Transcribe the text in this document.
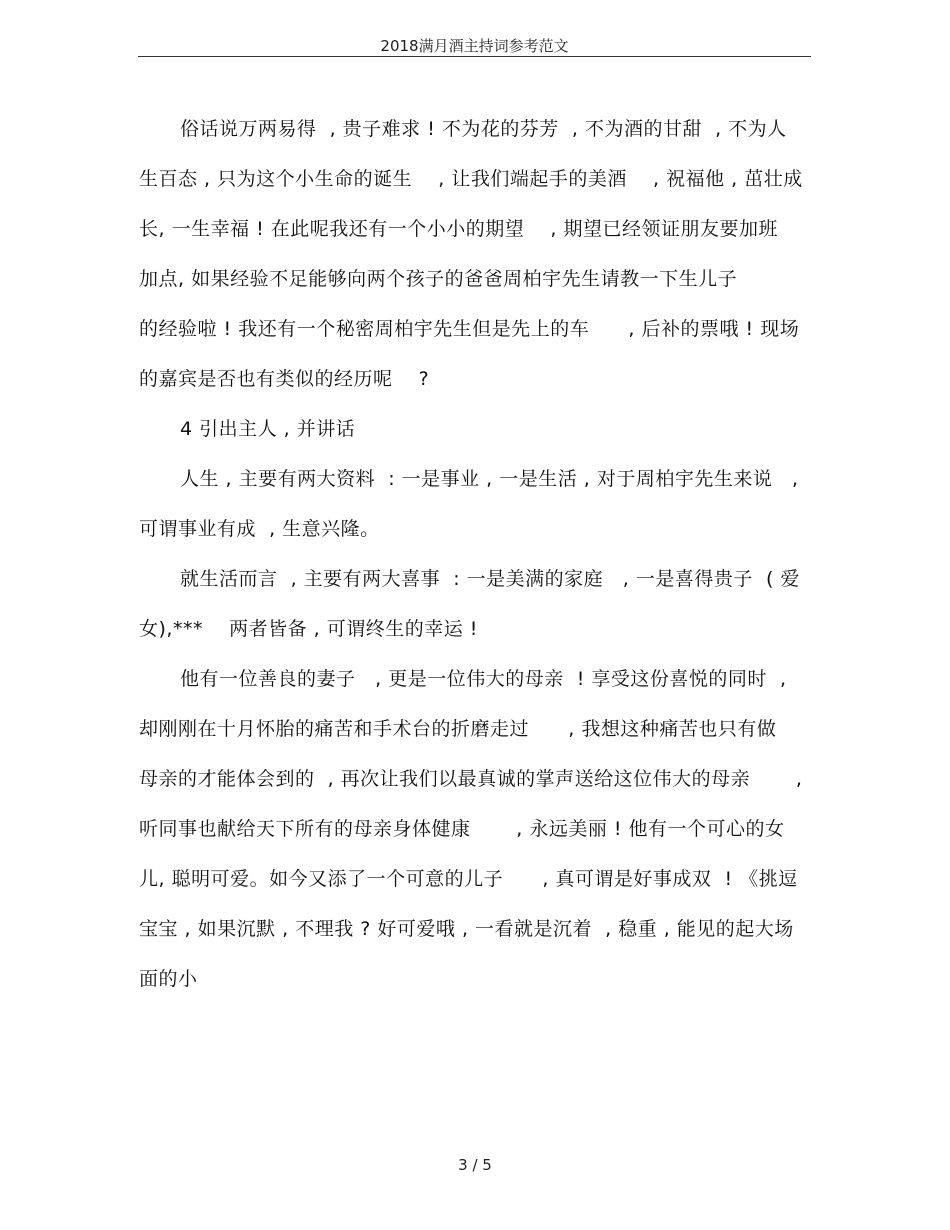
2018满月酒主持词参考范文
俗话说万两易得  , 贵子难求 ! 不为花的芬芳  , 不为酒的甘甜  , 不为人
生百态 , 只为这个小生命的诞生    , 让我们端起手的美酒    , 祝福他 , 茁壮成
长, 一生幸福 ! 在此呢我还有一个小小的期望    , 期望已经领证朋友要加班
加点, 如果经验不足能够向两个孩子的爸爸周柏宇先生请教一下生儿子
的经验啦 ! 我还有一个秘密周柏宇先生但是先上的车      , 后补的票哦 ! 现场
的嘉宾是否也有类似的经历呢    ?
4 引出主人 , 并讲话
人生 , 主要有两大资料  : 一是事业 , 一是生活 , 对于周柏宇先生来说   ,
可谓事业有成  , 生意兴隆。
就生活而言  , 主要有两大喜事  : 一是美满的家庭   , 一是喜得贵子  ( 爱
女),***    两者皆备 , 可谓终生的幸运 !
他有一位善良的妻子   , 更是一位伟大的母亲  ! 享受这份喜悦的同时  ,
却刚刚在十月怀胎的痛苦和手术台的折磨走过      , 我想这种痛苦也只有做
母亲的才能体会到的  , 再次让我们以最真诚的掌声送给这位伟大的母亲       ,
听同事也献给天下所有的母亲身体健康       , 永远美丽 ! 他有一个可心的女
儿, 聪明可爱。如今又添了一个可意的儿子      , 真可谓是好事成双  ! 《挑逗
宝宝 , 如果沉默 , 不理我 ? 好可爱哦 , 一看就是沉着  , 稳重 , 能见的起大场
面的小
3 / 5
